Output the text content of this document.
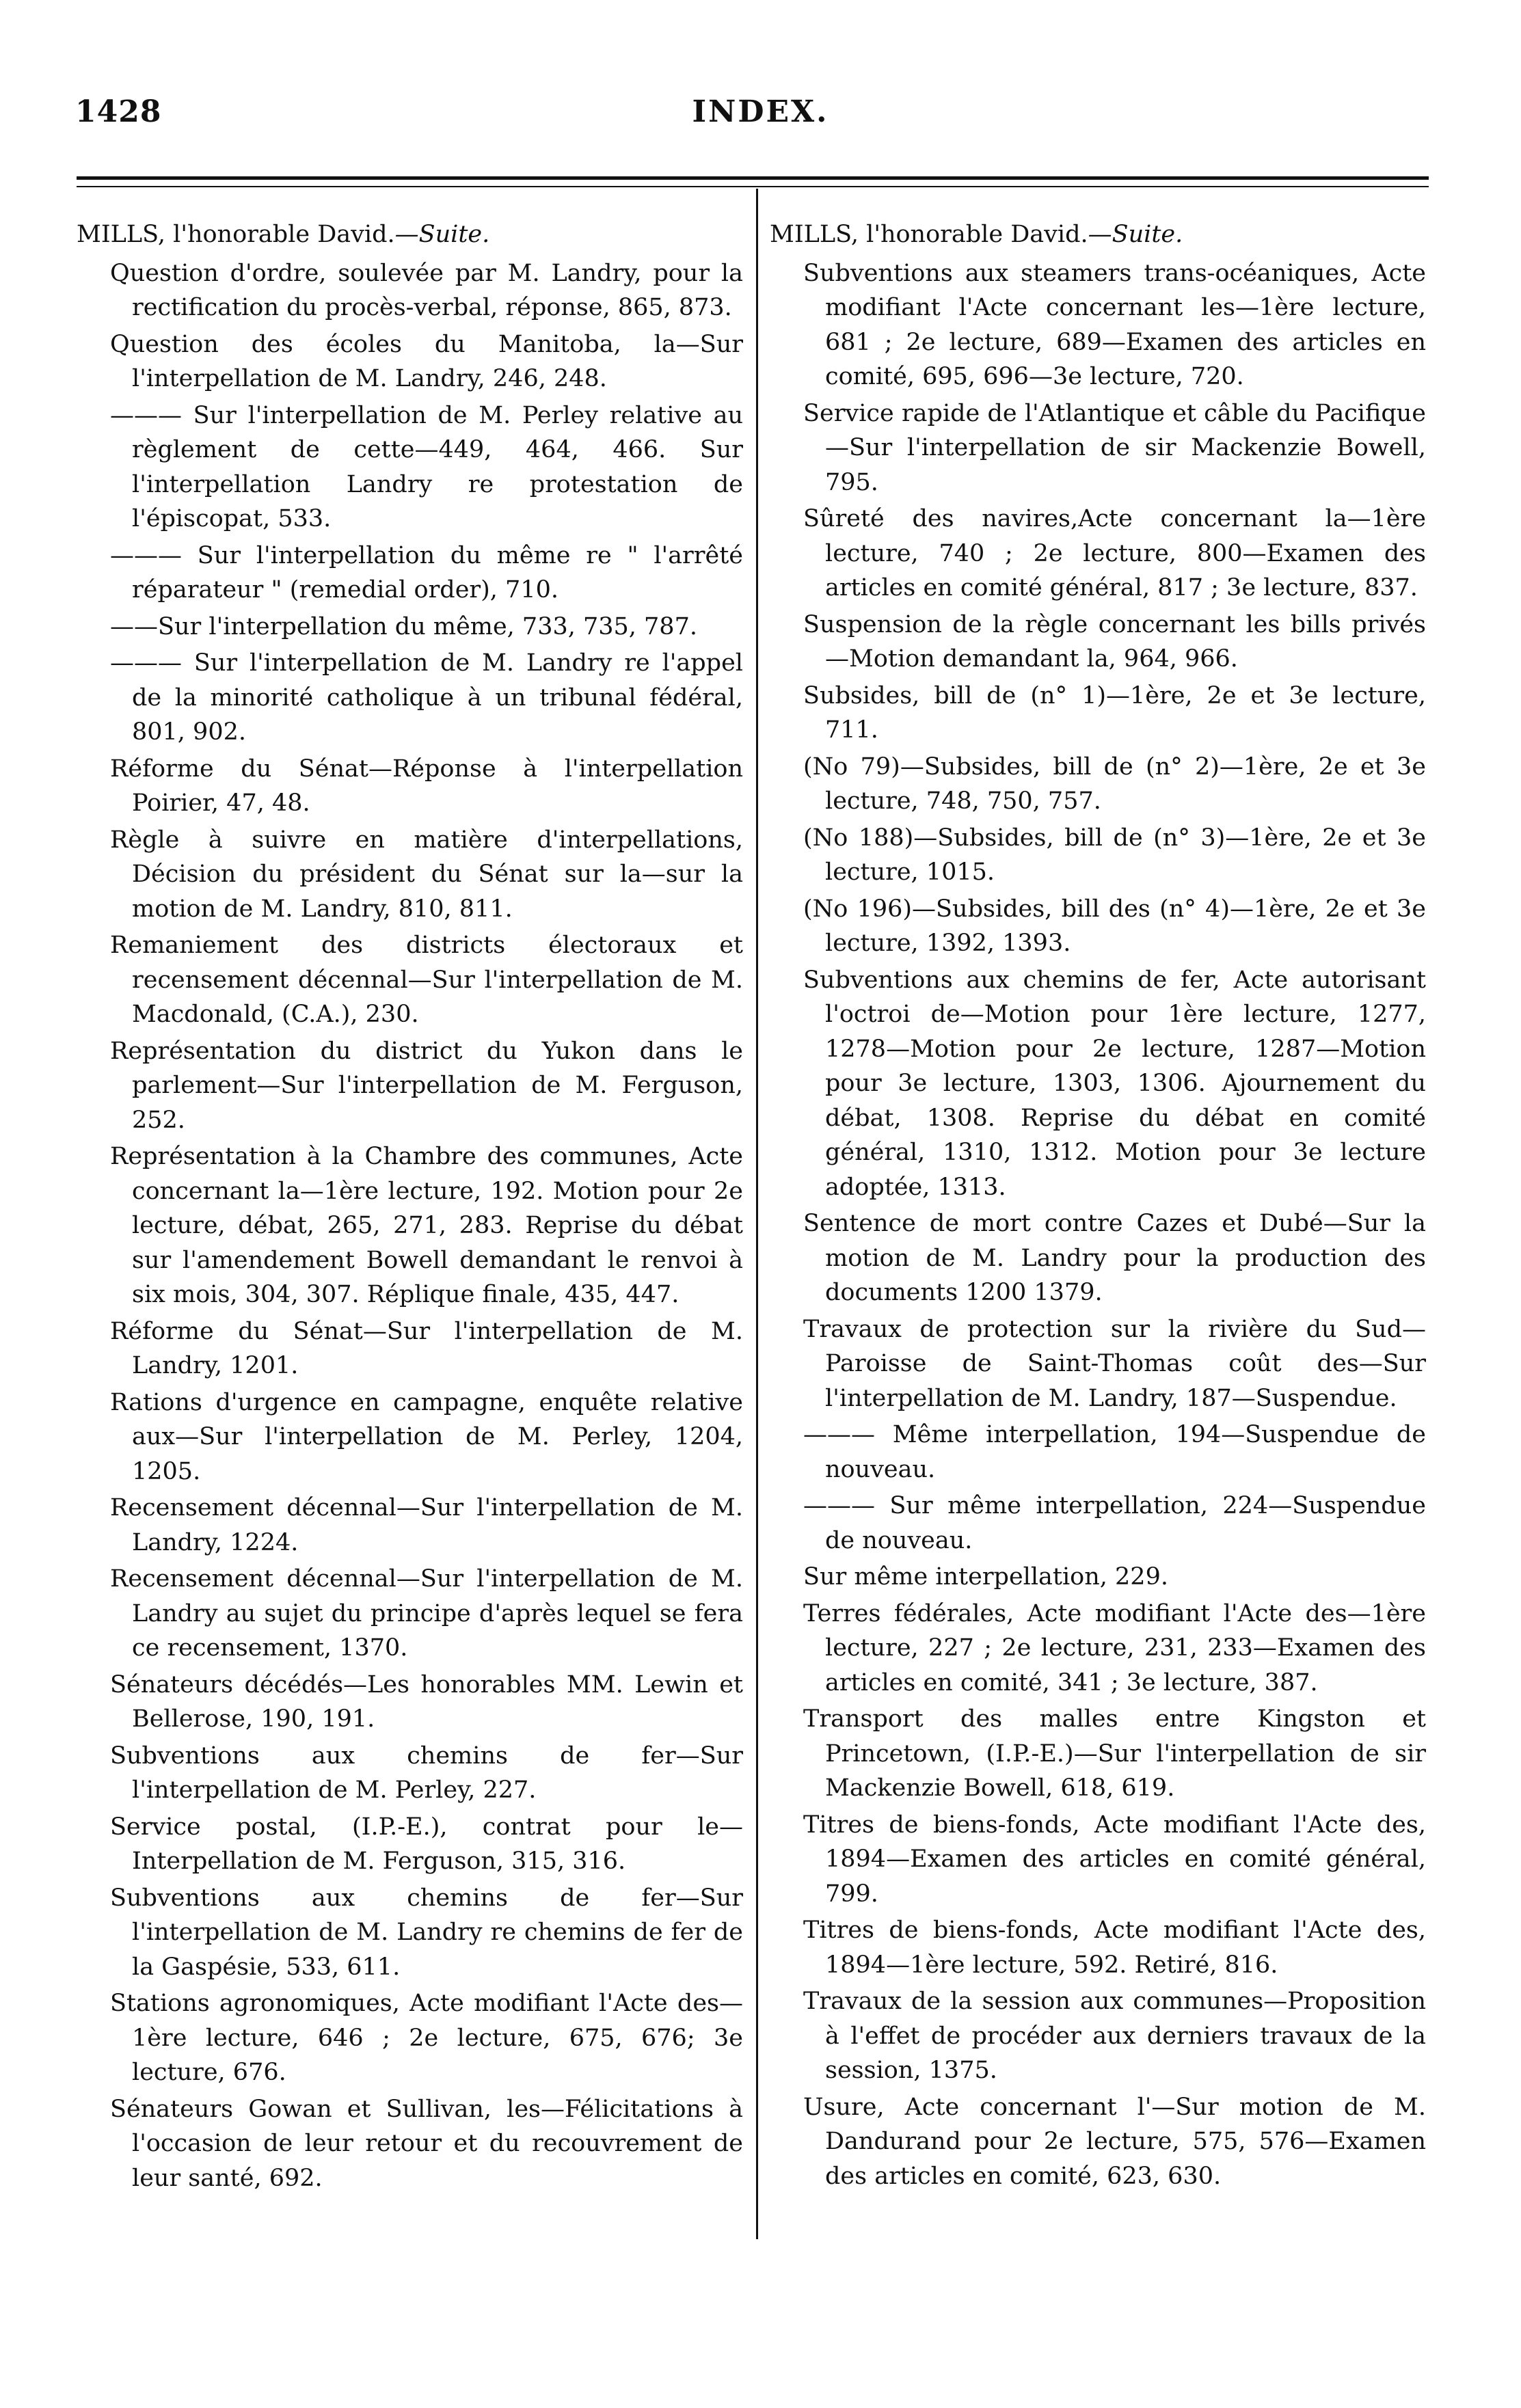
1428	INDEX.
MILLS, l'honorable David.—Suite.

Question d'ordre, soulevée par M. Landry, pour la rectification du procès-verbal, réponse, 865, 873.

Question des écoles du Manitoba, la—Sur l'interpellation de M. Landry, 246, 248.

——— Sur l'interpellation de M. Perley relative au règlement de cette—449, 464, 466. Sur l'interpellation Landry re protestation de l'épiscopat, 533.

——— Sur l'interpellation du même re " l'arrêté réparateur " (remedial order), 710.

——Sur l'interpellation du même, 733, 735, 787.

——— Sur l'interpellation de M. Landry re l'appel de la minorité catholique à un tribunal fédéral, 801, 902.

Réforme du Sénat—Réponse à l'interpellation Poirier, 47, 48.

Règle à suivre en matière d'interpellations, Décision du président du Sénat sur la—sur la motion de M. Landry, 810, 811.

Remaniement des districts électoraux et recensement décennal—Sur l'interpellation de M. Macdonald, (C.A.), 230.

Représentation du district du Yukon dans le parlement—Sur l'interpellation de M. Ferguson, 252.

Représentation à la Chambre des communes, Acte concernant la—1ère lecture, 192. Motion pour 2e lecture, débat, 265, 271, 283. Reprise du débat sur l'amendement Bowell demandant le renvoi à six mois, 304, 307. Réplique finale, 435, 447.

Réforme du Sénat—Sur l'interpellation de M. Landry, 1201.

Rations d'urgence en campagne, enquête relative aux—Sur l'interpellation de M. Perley, 1204, 1205.

Recensement décennal—Sur l'interpellation de M. Landry, 1224.

Recensement décennal—Sur l'interpellation de M. Landry au sujet du principe d'après lequel se fera ce recensement, 1370.

Sénateurs décédés—Les honorables MM. Lewin et Bellerose, 190, 191.

Subventions aux chemins de fer—Sur l'interpellation de M. Perley, 227.

Service postal, (I.P.-E.), contrat pour le—Interpellation de M. Ferguson, 315, 316.

Subventions aux chemins de fer—Sur l'interpellation de M. Landry re chemins de fer de la Gaspésie, 533, 611.

Stations agronomiques, Acte modifiant l'Acte des—1ère lecture, 646 ; 2e lecture, 675, 676; 3e lecture, 676.

Sénateurs Gowan et Sullivan, les—Félicitations à l'occasion de leur retour et du recouvrement de leur santé, 692.

MILLS, l'honorable David.—Suite.

Subventions aux steamers trans-océaniques, Acte modifiant l'Acte concernant les—1ère lecture, 681 ; 2e lecture, 689—Examen des articles en comité, 695, 696—3e lecture, 720.

Service rapide de l'Atlantique et câble du Pacifique—Sur l'interpellation de sir Mackenzie Bowell, 795.

Sûreté des navires,Acte concernant la—1ère lecture, 740 ; 2e lecture, 800—Examen des articles en comité général, 817 ; 3e lecture, 837.

Suspension de la règle concernant les bills privés—Motion demandant la, 964, 966.

Subsides, bill de (n° 1)—1ère, 2e et 3e lecture, 711.

(No 79)—Subsides, bill de (n° 2)—1ère, 2e et 3e lecture, 748, 750, 757.

(No 188)—Subsides, bill de (n° 3)—1ère, 2e et 3e lecture, 1015.

(No 196)—Subsides, bill des (n° 4)—1ère, 2e et 3e lecture, 1392, 1393.

Subventions aux chemins de fer, Acte autorisant l'octroi de—Motion pour 1ère lecture, 1277, 1278—Motion pour 2e lecture, 1287—Motion pour 3e lecture, 1303, 1306. Ajournement du débat, 1308. Reprise du débat en comité général, 1310, 1312. Motion pour 3e lecture adoptée, 1313.

Sentence de mort contre Cazes et Dubé—Sur la motion de M. Landry pour la production des documents 1200 1379.

Travaux de protection sur la rivière du Sud—Paroisse de Saint-Thomas coût des—Sur l'interpellation de M. Landry, 187—Suspendue.

——— Même interpellation, 194—Suspendue de nouveau.

——— Sur même interpellation, 224—Suspendue de nouveau.

Sur même interpellation, 229.

Terres fédérales, Acte modifiant l'Acte des—1ère lecture, 227 ; 2e lecture, 231, 233—Examen des articles en comité, 341 ; 3e lecture, 387.

Transport des malles entre Kingston et Princetown, (I.P.-E.)—Sur l'interpellation de sir Mackenzie Bowell, 618, 619.

Titres de biens-fonds, Acte modifiant l'Acte des, 1894—Examen des articles en comité général, 799.

Titres de biens-fonds, Acte modifiant l'Acte des, 1894—1ère lecture, 592. Retiré, 816.

Travaux de la session aux communes—Proposition à l'effet de procéder aux derniers travaux de la session, 1375.

Usure, Acte concernant l'—Sur motion de M. Dandurand pour 2e lecture, 575, 576—Examen des articles en comité, 623, 630.
